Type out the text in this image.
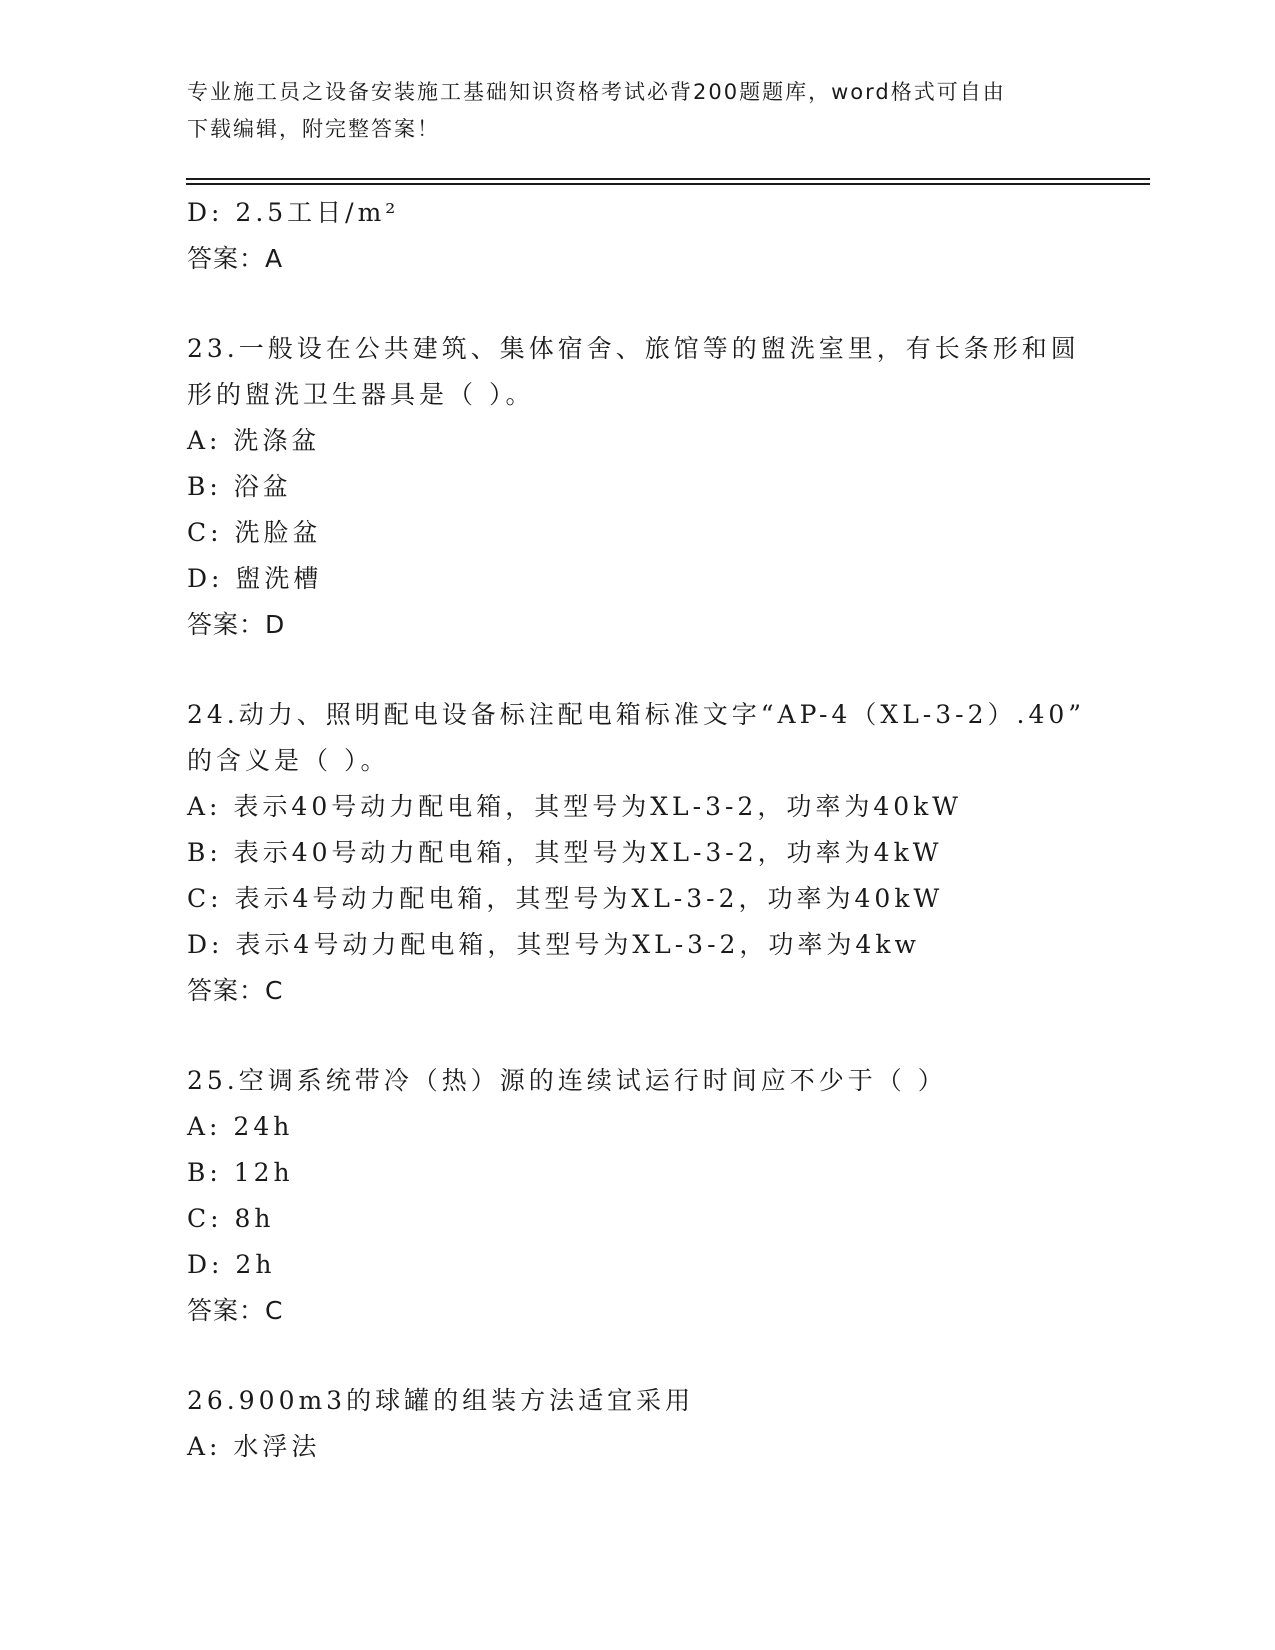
专业施工员之设备安装施工基础知识资格考试必背200题题库，word格式可自由
下载编辑，附完整答案！
D: 2.5工日/m²
答案：A
23.一般设在公共建筑、集体宿舍、旅馆等的盥洗室里，有长条形和圆
形的盥洗卫生器具是（ ）。
A: 洗涤盆
B: 浴盆
C: 洗脸盆
D: 盥洗槽
答案：D
24.动力、照明配电设备标注配电箱标准文字“AP-4（XL-3-2）.40”
的含义是（ ）。
A: 表示40号动力配电箱，其型号为XL-3-2，功率为40kW
B: 表示40号动力配电箱，其型号为XL-3-2，功率为4kW
C: 表示4号动力配电箱，其型号为XL-3-2，功率为40kW
D: 表示4号动力配电箱，其型号为XL-3-2，功率为4kw
答案：C
25.空调系统带冷（热）源的连续试运行时间应不少于（ ）
A: 24h
B: 12h
C: 8h
D: 2h
答案：C
26.900m3的球罐的组装方法适宜采用
A: 水浮法
